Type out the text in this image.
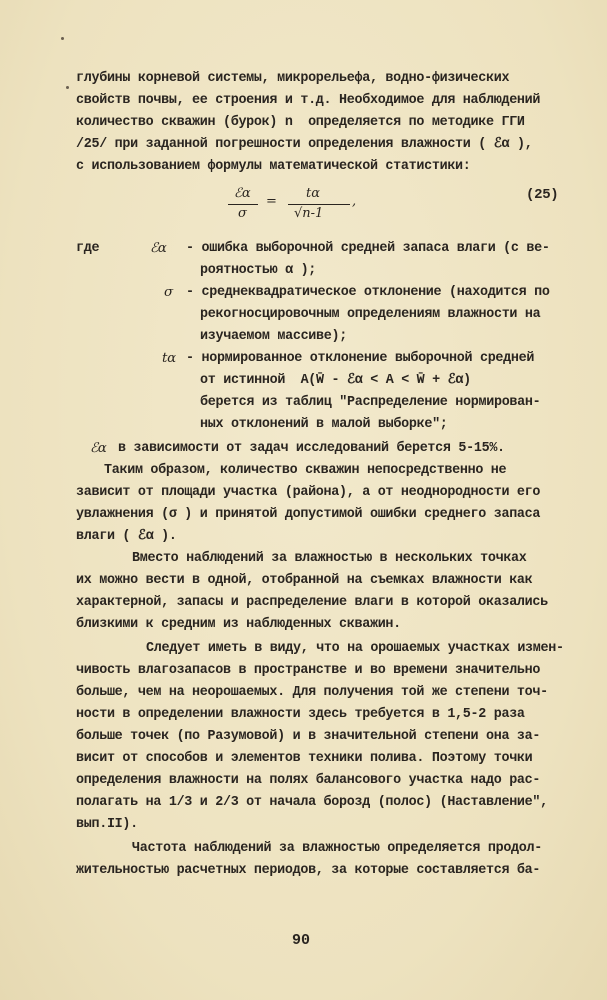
глубины корневой системы, микрорельефа, водно-физических
свойств почвы, ее строения и т.д. Необходимое для наблюдений
количество скважин (бурок) n  определяется по методике ГГИ
/25/ при заданной погрешности определения влажности ( ℰα ),
с использованием формулы математической статистики:
ℰα
σ
=
tα
√n-1
,	(25)
где	ℰα - ошибка выборочной средней запаса влаги (с ве-
роятностью α );
σ - среднеквадратическое отклонение (находится по
рекогносцировочным определениям влажности на
изучаемом массиве);
tα - нормированное отклонение выборочной средней
от истинной  A(W̄ - ℰα < A < W̄ + ℰα)
берется из таблиц "Распределение нормирован-
ных отклонений в малой выборке";
ℰα в зависимости от задач исследований берется 5-15%.
Таким образом, количество скважин непосредственно не
зависит от площади участка (района), а от неоднородности его
увлажнения (σ ) и принятой допустимой ошибки среднего запаса
влаги ( ℰα ).
Вместо наблюдений за влажностью в нескольких точках
их можно вести в одной, отобранной на съемках влажности как
характерной, запасы и распределение влаги в которой оказались
близкими к средним из наблюденных скважин.
Следует иметь в виду, что на орошаемых участках измен-
чивость влагозапасов в пространстве и во времени значительно
больше, чем на неорошаемых. Для получения той же степени точ-
ности в определении влажности здесь требуется в 1,5-2 раза
больше точек (по Разумовой) и в значительной степени она за-
висит от способов и элементов техники полива. Поэтому точки
определения влажности на полях балансового участка надо рас-
полагать на 1/3 и 2/3 от начала борозд (полос) (Наставление",
вып.II).
Частота наблюдений за влажностью определяется продол-
жительностью расчетных периодов, за которые составляется ба-
90
